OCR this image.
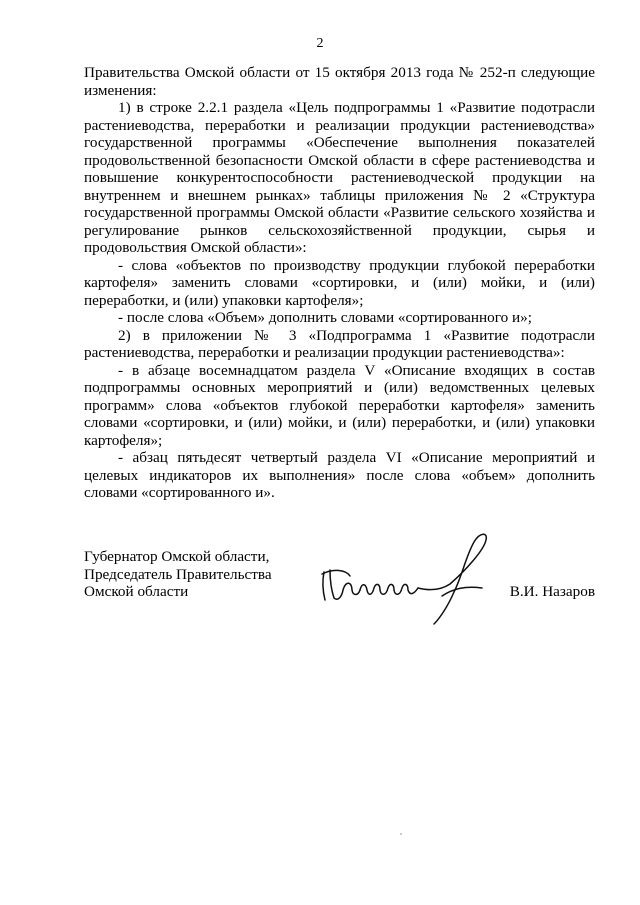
2

Правительства Омской области от 15 октября 2013 года № 252-п следующие изменения:

1) в строке 2.2.1 раздела «Цель подпрограммы 1 «Развитие подотрасли растениеводства, переработки и реализации продукции растениеводства» государственной программы «Обеспечение выполнения показателей продовольственной безопасности Омской области в сфере растениеводства и повышение конкурентоспособности растениеводческой продукции на внутреннем и внешнем рынках» таблицы приложения № 2 «Структура государственной программы Омской области «Развитие сельского хозяйства и регулирование рынков сельскохозяйственной продукции, сырья и продовольствия Омской области»:

- слова «объектов по производству продукции глубокой переработки картофеля» заменить словами «сортировки, и (или) мойки, и (или) переработки, и (или) упаковки картофеля»;

- после слова «Объем» дополнить словами «сортированного и»;

2) в приложении № 3 «Подпрограмма 1 «Развитие подотрасли растениеводства, переработки и реализации продукции растениеводства»:

- в абзаце восемнадцатом раздела V «Описание входящих в состав подпрограммы основных мероприятий и (или) ведомственных целевых программ» слова «объектов глубокой переработки картофеля» заменить словами «сортировки, и (или) мойки, и (или) переработки, и (или) упаковки картофеля»;

- абзац пятьдесят четвертый раздела VI «Описание мероприятий и целевых индикаторов их выполнения» после слова «объем» дополнить словами «сортированного и».

Губернатор Омской области,
Председатель Правительства
Омской области	В.И. Назаров
